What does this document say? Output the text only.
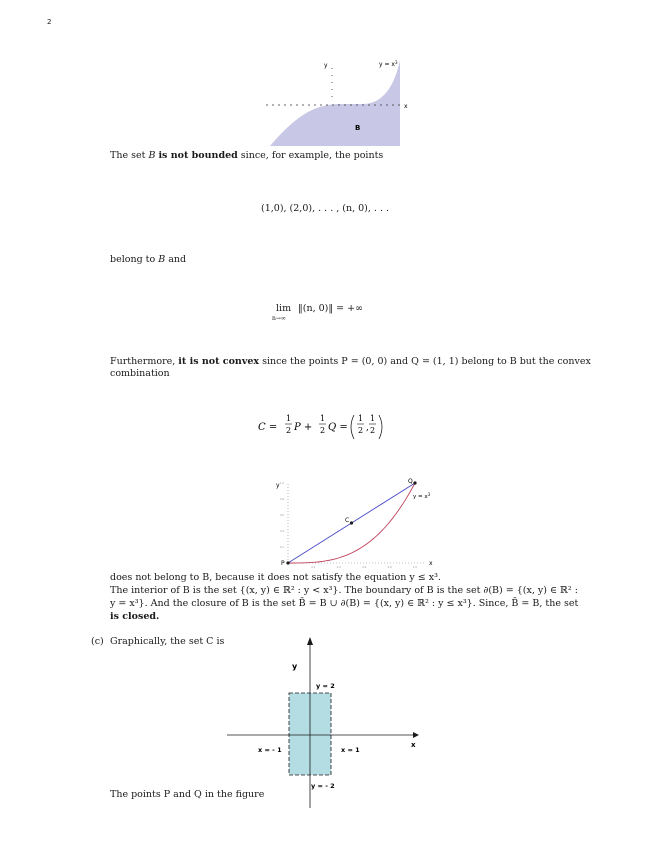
2
y	$y = x^3$
x
B
The set B is not bounded since, for example, the points
(1,0), (2,0), . . . , (n, 0), . . .
belong to B and
lim
n→∞
‖(n, 0)‖ = +∞
Furthermore, it is not convex since the points P = (0, 0) and Q = (1, 1) belong to B but the convex
combination
C =
1
2 P +
1
2 Q =
1
2 ,
1
2
1.0
0.8
0.6
0.4
0.2
0.2	0.4	0.6	0.8	1.0
y
x
P
Q
C
$y = x^3$
does not belong to B, because it does not satisfy the equation y ≤ x³.
The interior of B is the set {(x, y) ∈ ℝ² : y < x³}. The boundary of B is the set ∂(B) = {(x, y) ∈ ℝ² :
y = x³}. And the closure of B is the set B̄ = B ∪ ∂(B) = {(x, y) ∈ ℝ² : y ≤ x³}. Since, B̄ = B, the set
is closed.
(c) Graphically, the set C is
y
x
y = 2
y = - 2
x = - 1	x = 1
The points P and Q in the figure
